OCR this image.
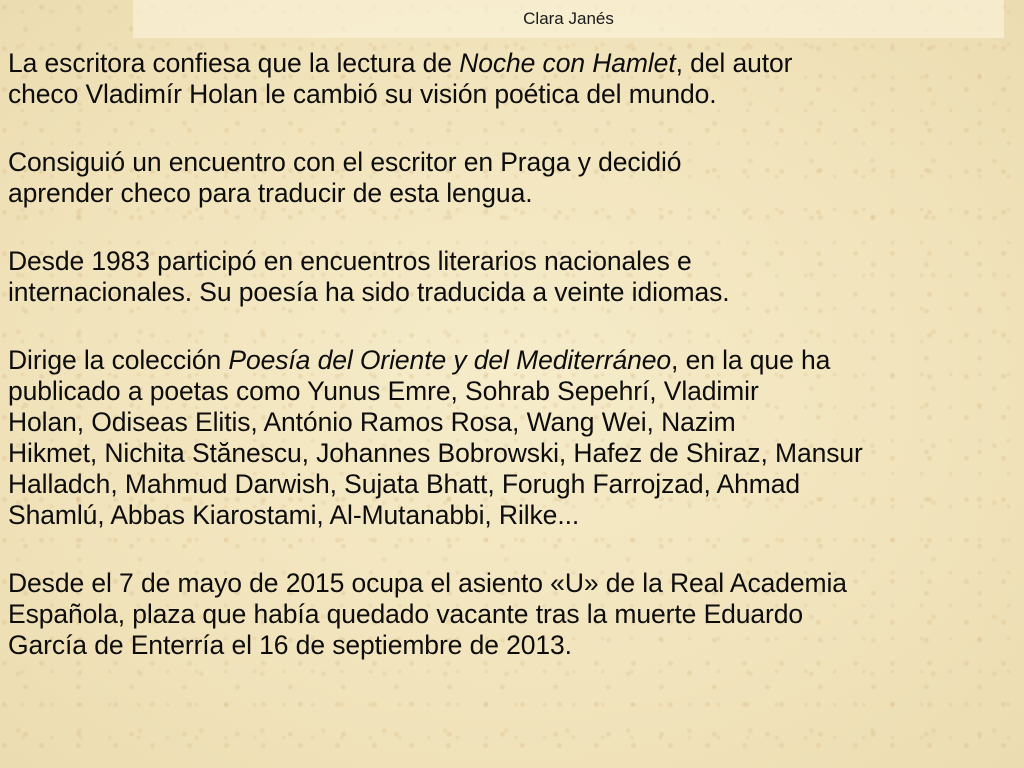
Clara Janés

La escritora confiesa que la lectura de Noche con Hamlet, del autor
checo Vladimír Holan le cambió su visión poética del mundo.

Consiguió un encuentro con el escritor en Praga y decidió
aprender checo para traducir de esta lengua.

Desde 1983 participó en encuentros literarios nacionales e
internacionales. Su poesía ha sido traducida a veinte idiomas.

Dirige la colección Poesía del Oriente y del Mediterráneo, en la que ha
publicado a poetas como Yunus Emre, Sohrab Sepehrí, Vladimir
Holan, Odiseas Elitis, António Ramos Rosa, Wang Wei, Nazim
Hikmet, Nichita Stănescu, Johannes Bobrowski, Hafez de Shiraz, Mansur
Halladch, Mahmud Darwish, Sujata Bhatt, Forugh Farrojzad, Ahmad
Shamlú, Abbas Kiarostami, Al-Mutanabbi, Rilke...

Desde el 7 de mayo de 2015 ocupa el asiento «U» de la Real Academia
Española, plaza que había quedado vacante tras la muerte Eduardo
García de Enterría el 16 de septiembre de 2013.
